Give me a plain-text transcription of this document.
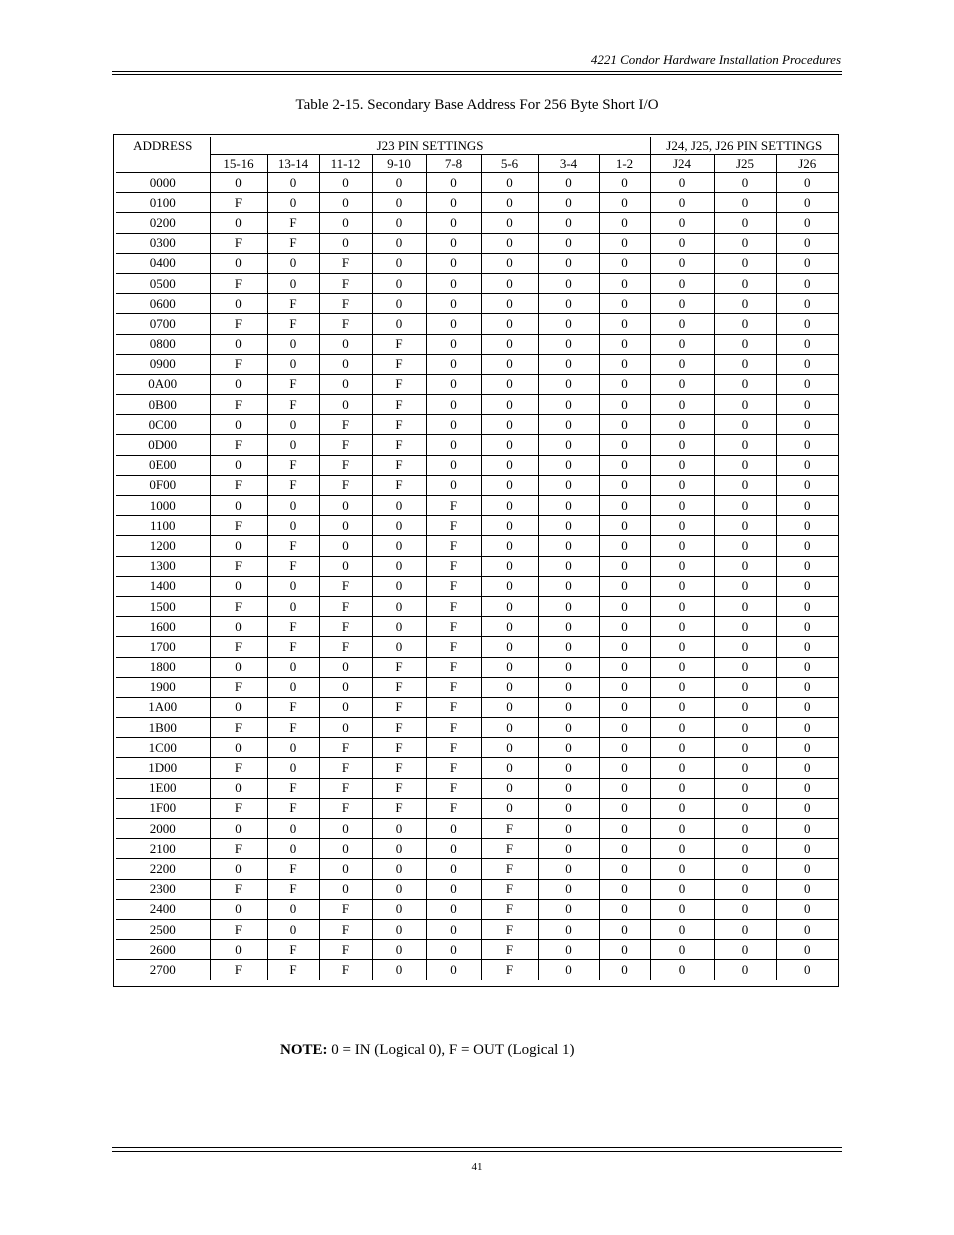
4221 Condor Hardware Installation Procedures
Table 2-15. Secondary Base Address For 256 Byte Short I/O
ADDRESS	J23 PIN SETTINGS								J24, J25, J26 PIN SETTINGS		
	15-16	13-14	11-12	9-10	7-8	5-6	3-4	1-2	J24	J25	J26
0000	0	0	0	0	0	0	0	0	0	0	0
0100	F	0	0	0	0	0	0	0	0	0	0
0200	0	F	0	0	0	0	0	0	0	0	0
0300	F	F	0	0	0	0	0	0	0	0	0
0400	0	0	F	0	0	0	0	0	0	0	0
0500	F	0	F	0	0	0	0	0	0	0	0
0600	0	F	F	0	0	0	0	0	0	0	0
0700	F	F	F	0	0	0	0	0	0	0	0
0800	0	0	0	F	0	0	0	0	0	0	0
0900	F	0	0	F	0	0	0	0	0	0	0
0A00	0	F	0	F	0	0	0	0	0	0	0
0B00	F	F	0	F	0	0	0	0	0	0	0
0C00	0	0	F	F	0	0	0	0	0	0	0
0D00	F	0	F	F	0	0	0	0	0	0	0
0E00	0	F	F	F	0	0	0	0	0	0	0
0F00	F	F	F	F	0	0	0	0	0	0	0
1000	0	0	0	0	F	0	0	0	0	0	0
1100	F	0	0	0	F	0	0	0	0	0	0
1200	0	F	0	0	F	0	0	0	0	0	0
1300	F	F	0	0	F	0	0	0	0	0	0
1400	0	0	F	0	F	0	0	0	0	0	0
1500	F	0	F	0	F	0	0	0	0	0	0
1600	0	F	F	0	F	0	0	0	0	0	0
1700	F	F	F	0	F	0	0	0	0	0	0
1800	0	0	0	F	F	0	0	0	0	0	0
1900	F	0	0	F	F	0	0	0	0	0	0
1A00	0	F	0	F	F	0	0	0	0	0	0
1B00	F	F	0	F	F	0	0	0	0	0	0
1C00	0	0	F	F	F	0	0	0	0	0	0
1D00	F	0	F	F	F	0	0	0	0	0	0
1E00	0	F	F	F	F	0	0	0	0	0	0
1F00	F	F	F	F	F	0	0	0	0	0	0
2000	0	0	0	0	0	F	0	0	0	0	0
2100	F	0	0	0	0	F	0	0	0	0	0
2200	0	F	0	0	0	F	0	0	0	0	0
2300	F	F	0	0	0	F	0	0	0	0	0
2400	0	0	F	0	0	F	0	0	0	0	0
2500	F	0	F	0	0	F	0	0	0	0	0
2600	0	F	F	0	0	F	0	0	0	0	0
2700	F	F	F	0	0	F	0	0	0	0	0
NOTE: 0 = IN (Logical 0), F = OUT (Logical 1)
41
